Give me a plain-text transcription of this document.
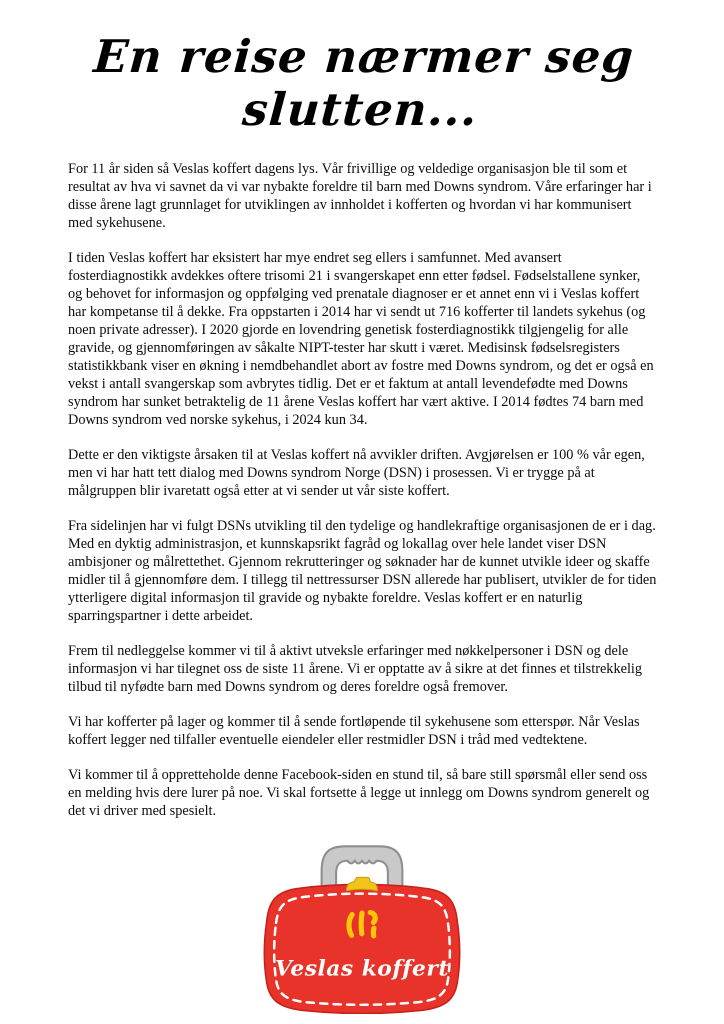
En reise nærmer seg slutten...

For 11 år siden så Veslas koffert dagens lys. Vår frivillige og veldedige organisasjon ble til som et resultat av hva vi savnet da vi var nybakte foreldre til barn med Downs syndrom. Våre erfaringer har i disse årene lagt grunnlaget for utviklingen av innholdet i kofferten og hvordan vi har kommunisert med sykehusene.

I tiden Veslas koffert har eksistert har mye endret seg ellers i samfunnet. Med avansert fosterdiagnostikk avdekkes oftere trisomi 21 i svangerskapet enn etter fødsel. Fødselstallene synker, og behovet for informasjon og oppfølging ved prenatale diagnoser er et annet enn vi i Veslas koffert har kompetanse til å dekke. Fra oppstarten i 2014 har vi sendt ut 716 kofferter til landets sykehus (og noen private adresser). I 2020 gjorde en lovendring genetisk fosterdiagnostikk tilgjengelig for alle gravide, og gjennomføringen av såkalte NIPT-tester har skutt i været. Medisinsk fødselsregisters statistikkbank viser en økning i nemdbehandlet abort av fostre med Downs syndrom, og det er også en vekst i antall svangerskap som avbrytes tidlig. Det er et faktum at antall levendefødte med Downs syndrom har sunket betraktelig de 11 årene Veslas koffert har vært aktive. I 2014 fødtes 74 barn med Downs syndrom ved norske sykehus, i 2024 kun 34.

Dette er den viktigste årsaken til at Veslas koffert nå avvikler driften. Avgjørelsen er 100 % vår egen, men vi har hatt tett dialog med Downs syndrom Norge (DSN) i prosessen. Vi er trygge på at målgruppen blir ivaretatt også etter at vi sender ut vår siste koffert.

Fra sidelinjen har vi fulgt DSNs utvikling til den tydelige og handlekraftige organisasjonen de er i dag. Med en dyktig administrasjon, et kunnskapsrikt fagråd og lokallag over hele landet viser DSN ambisjoner og målrettethet. Gjennom rekrutteringer og søknader har de kunnet utvikle ideer og skaffe midler til å gjennomføre dem. I tillegg til nettressurser DSN allerede har publisert, utvikler de for tiden ytterligere digital informasjon til gravide og nybakte foreldre. Veslas koffert er en naturlig sparringspartner i dette arbeidet.

Frem til nedleggelse kommer vi til å aktivt utveksle erfaringer med nøkkelpersoner i DSN og dele informasjon vi har tilegnet oss de siste 11 årene. Vi er opptatte av å sikre at det finnes et tilstrekkelig tilbud til nyfødte barn med Downs syndrom og deres foreldre også fremover.

Vi har kofferter på lager og kommer til å sende fortløpende til sykehusene som etterspør. Når Veslas koffert legger ned tilfaller eventuelle eiendeler eller restmidler DSN i tråd med vedtektene.

Vi kommer til å oppretteholde denne Facebook-siden en stund til, så bare still spørsmål eller send oss en melding hvis dere lurer på noe. Vi skal fortsette å legge ut innlegg om Downs syndrom generelt og det vi driver med spesielt.

Veslas koffert
